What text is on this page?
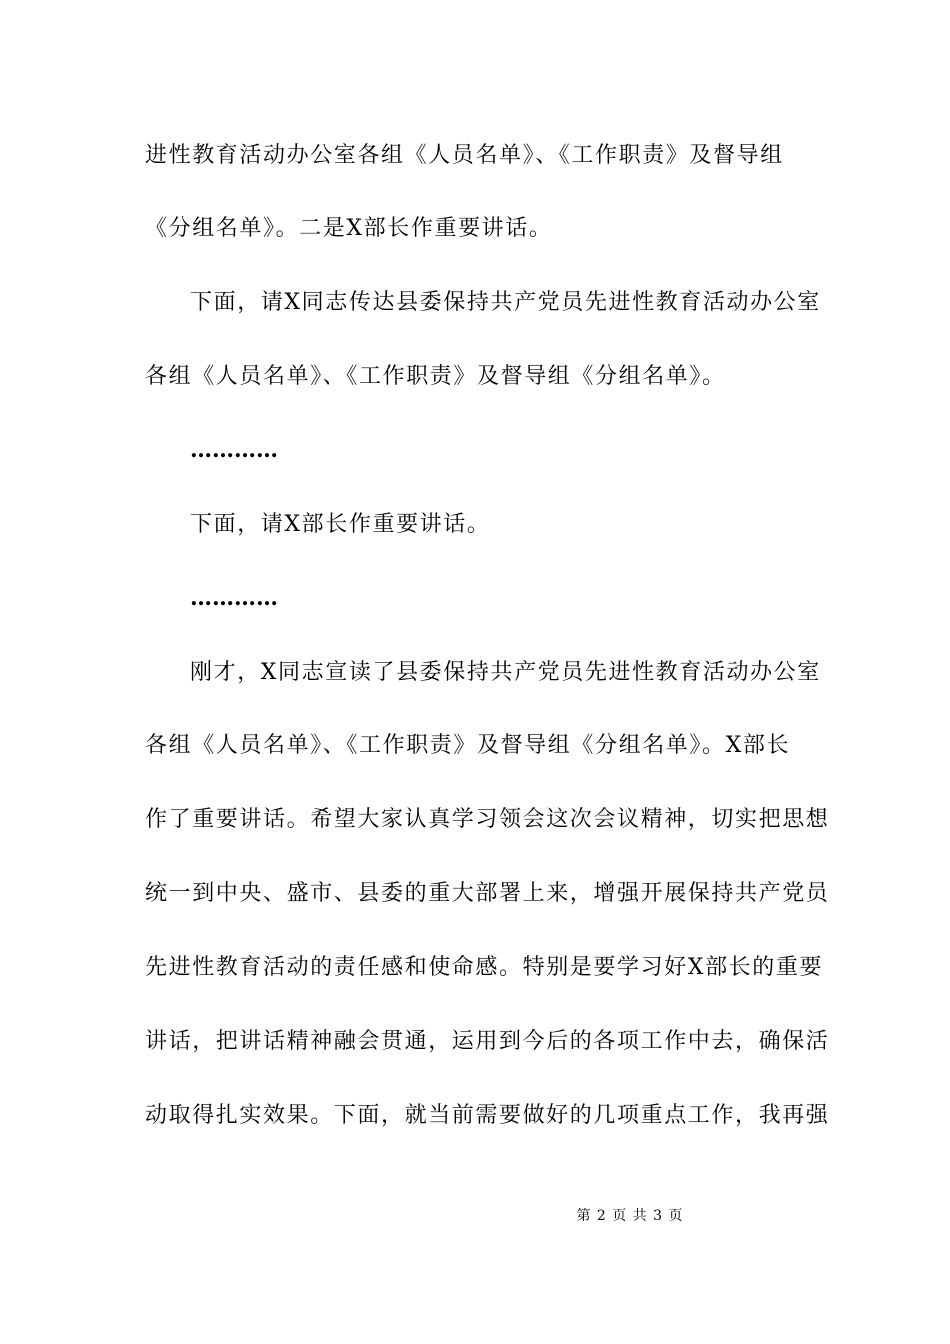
进性教育活动办公室各组《人员名单》、《工作职责》及督导组
《分组名单》。二是X部长作重要讲话。
下面，请X同志传达县委保持共产党员先进性教育活动办公室
各组《人员名单》、《工作职责》及督导组《分组名单》。
…………
下面，请X部长作重要讲话。
…………
刚才，X同志宣读了县委保持共产党员先进性教育活动办公室
各组《人员名单》、《工作职责》及督导组《分组名单》。X部长
作了重要讲话。希望大家认真学习领会这次会议精神，切实把思想
统一到中央、盛市、县委的重大部署上来，增强开展保持共产党员
先进性教育活动的责任感和使命感。特别是要学习好X部长的重要
讲话，把讲话精神融会贯通，运用到今后的各项工作中去，确保活
动取得扎实效果。下面，就当前需要做好的几项重点工作，我再强
第 2 页 共 3 页
